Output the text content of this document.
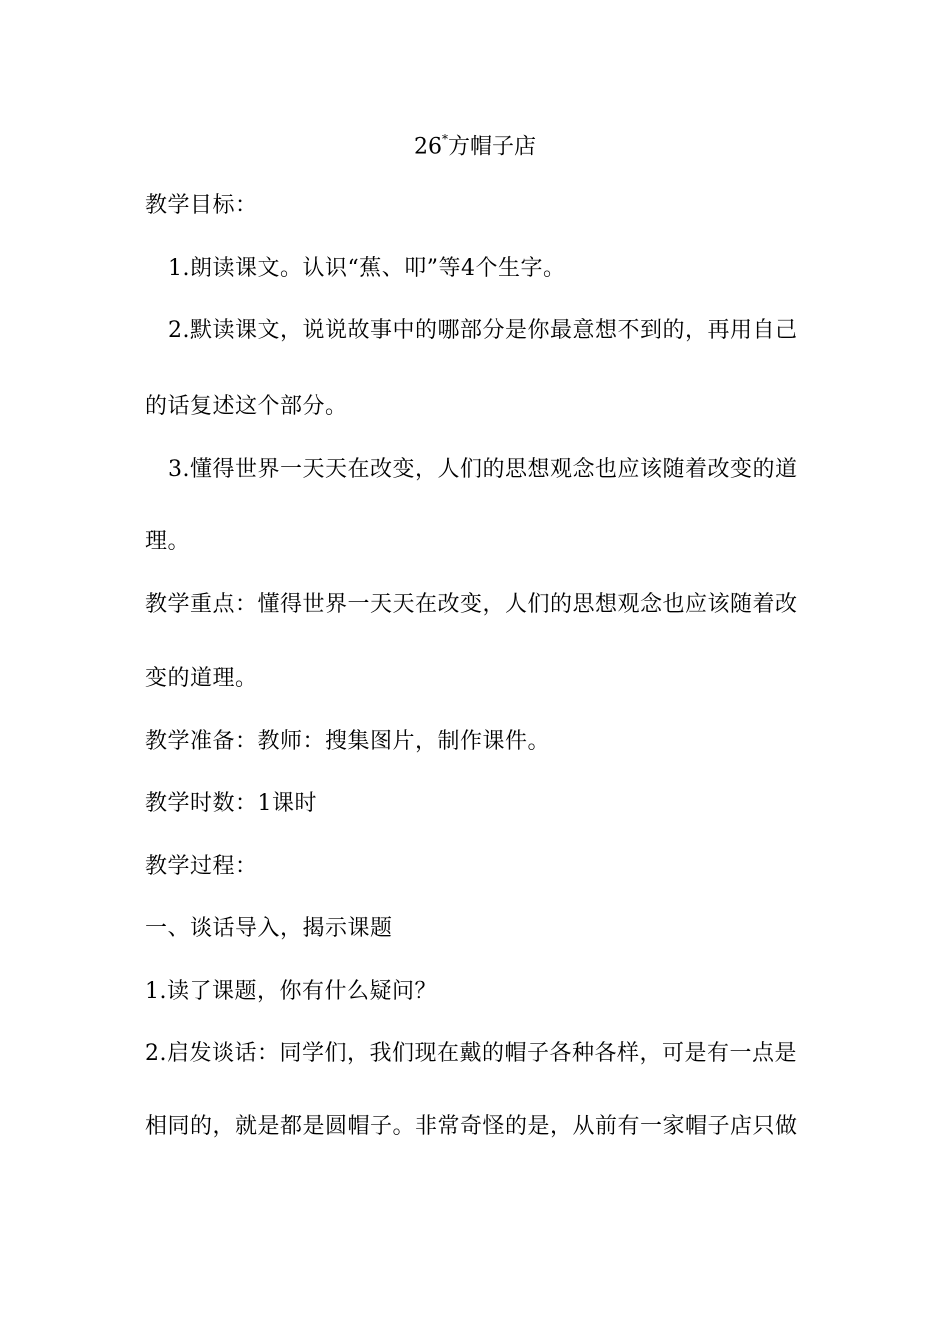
26*方帽子店
教学目标：
1.朗读课文。认识“蕉、叩”等4个生字。
2.默读课文，说说故事中的哪部分是你最意想不到的，再用自己
的话复述这个部分。
3.懂得世界一天天在改变，人们的思想观念也应该随着改变的道
理。
教学重点：懂得世界一天天在改变，人们的思想观念也应该随着改
变的道理。
教学准备：教师：搜集图片，制作课件。
教学时数：1课时
教学过程：
一、谈话导入，揭示课题
1.读了课题，你有什么疑问？
2.启发谈话：同学们，我们现在戴的帽子各种各样，可是有一点是
相同的，就是都是圆帽子。非常奇怪的是，从前有一家帽子店只做
